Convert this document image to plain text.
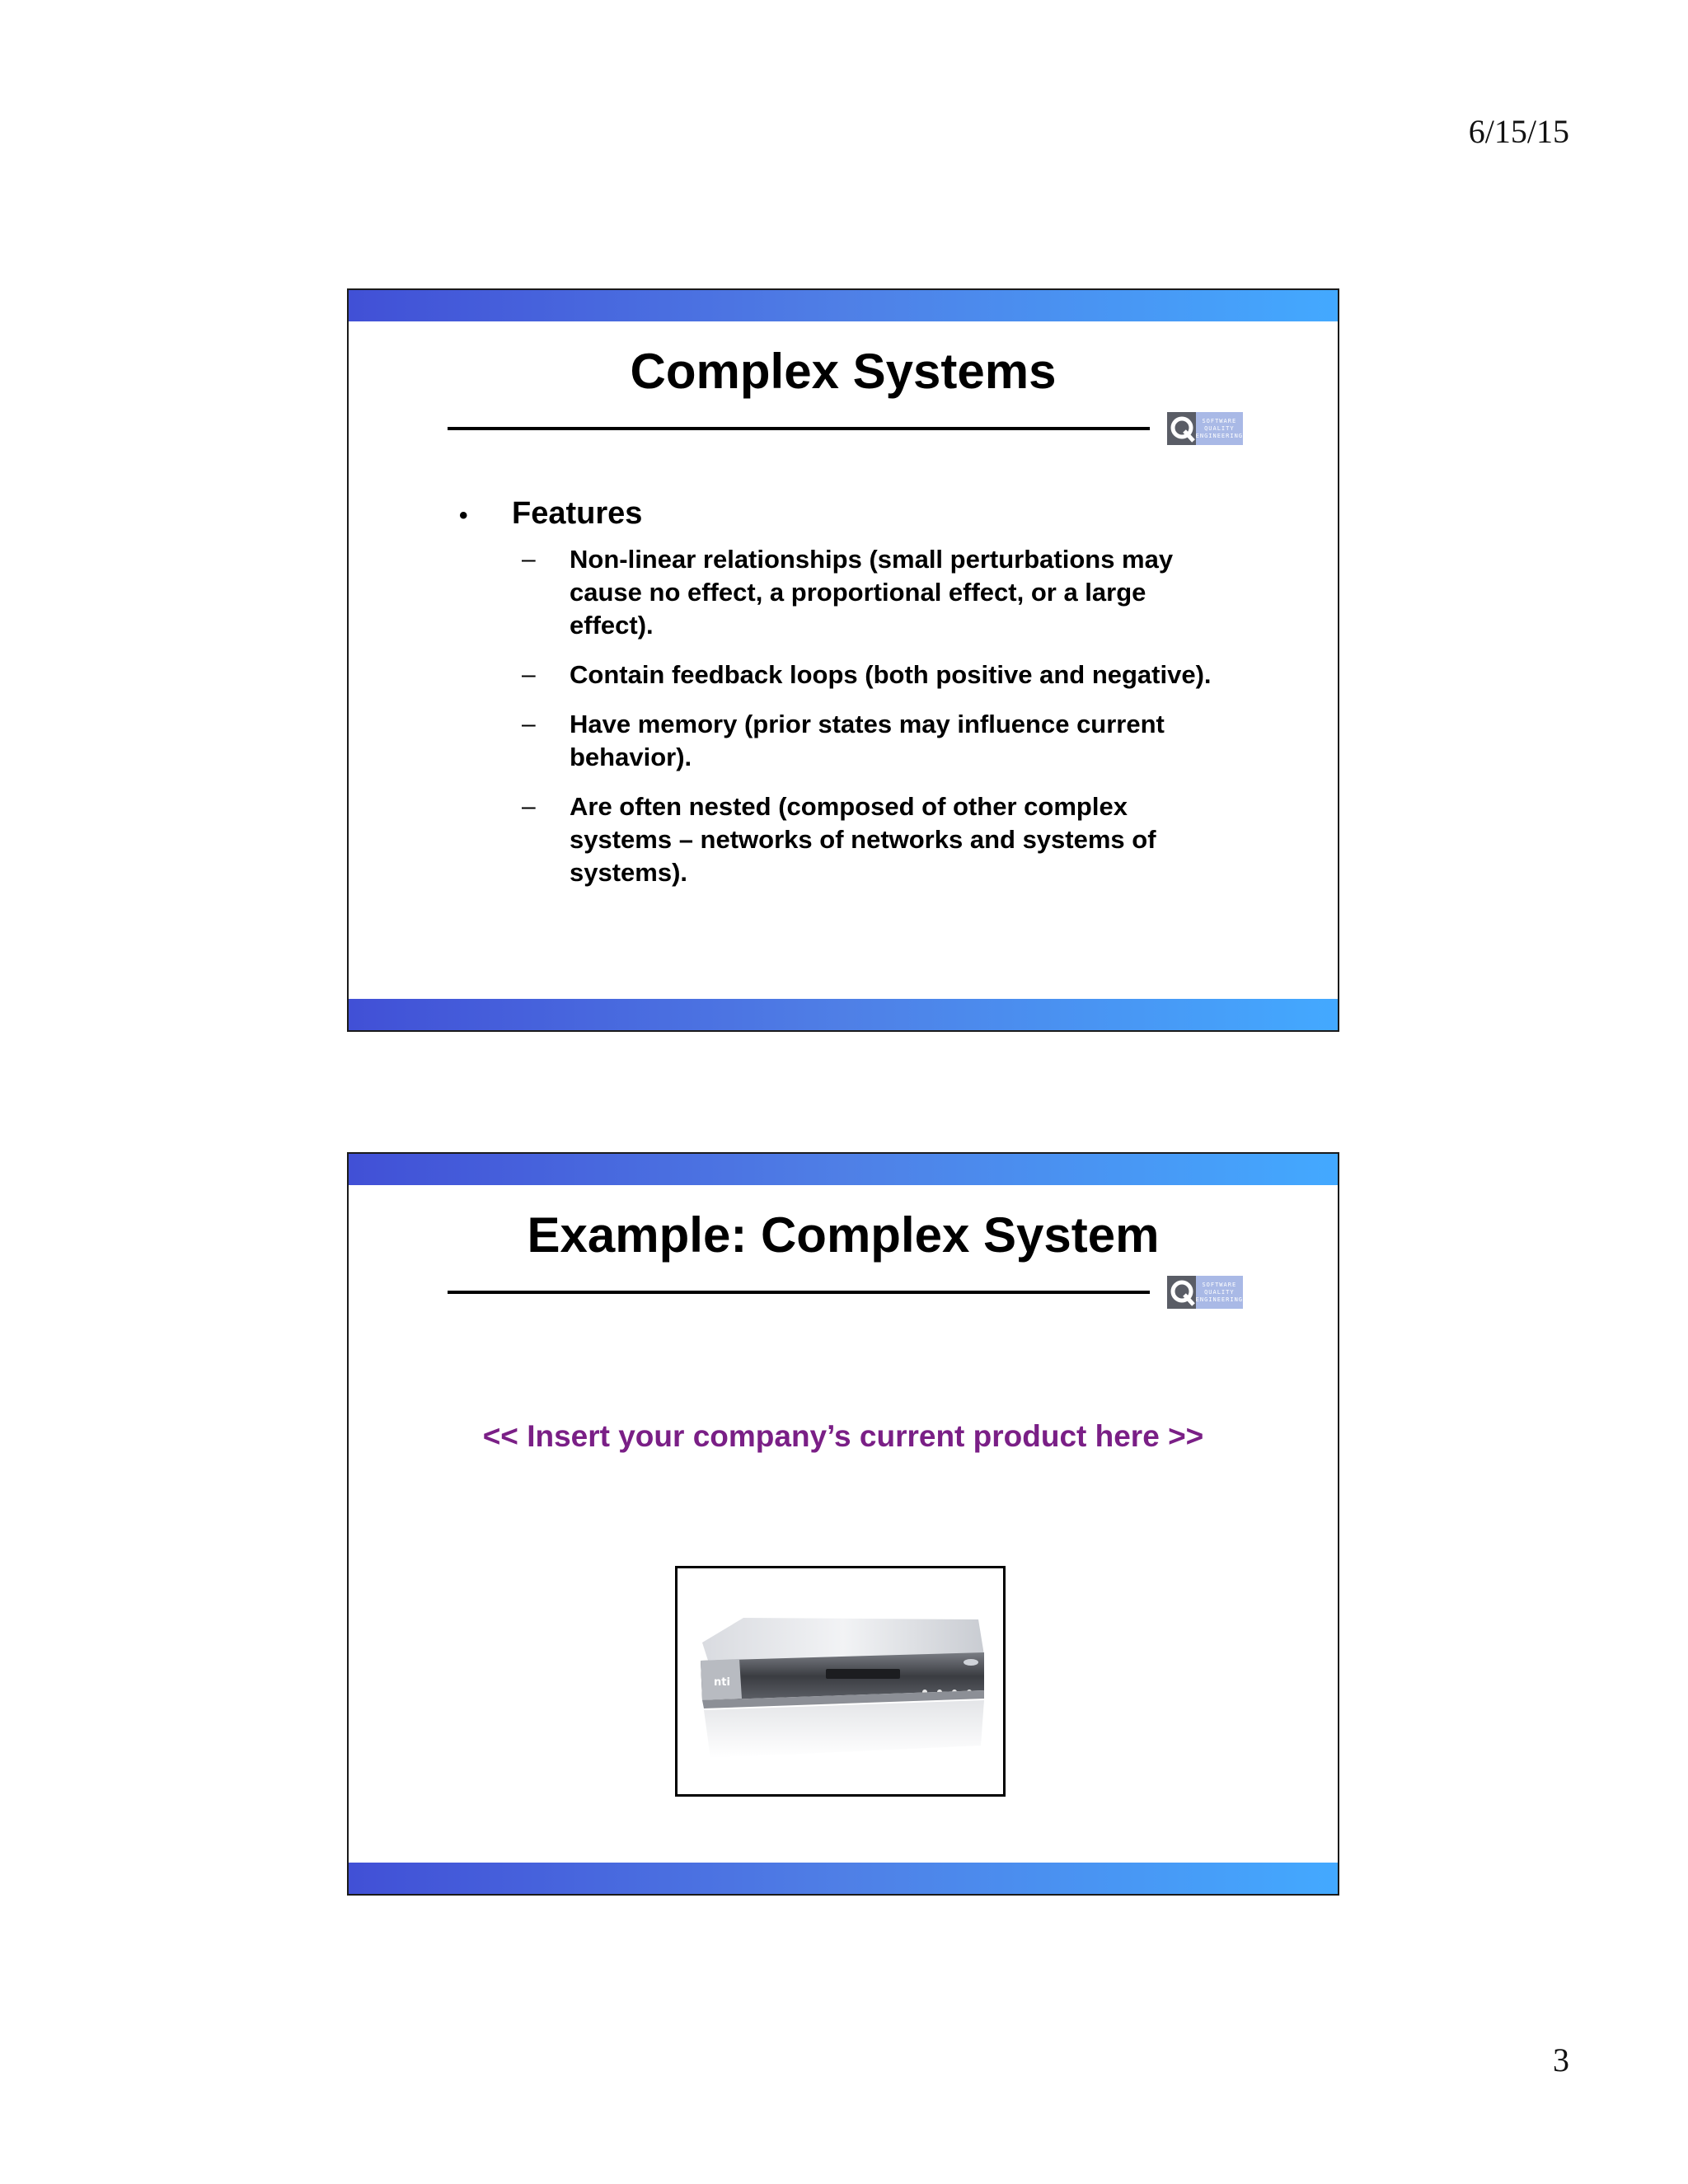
6/15/15
Complex Systems
SOFTWARE
QUALITY
ENGINEERING
•	Features
–	Non-linear relationships (small perturbations may cause no effect, a proportional effect, or a large effect).
–	Contain feedback loops (both positive and negative).
–	Have memory (prior states may influence current behavior).
–	Are often nested (composed of other complex systems – networks of networks and systems of systems).
Example: Complex System
SOFTWARE
QUALITY
ENGINEERING
<< Insert your company’s current product here >>
nti
3
